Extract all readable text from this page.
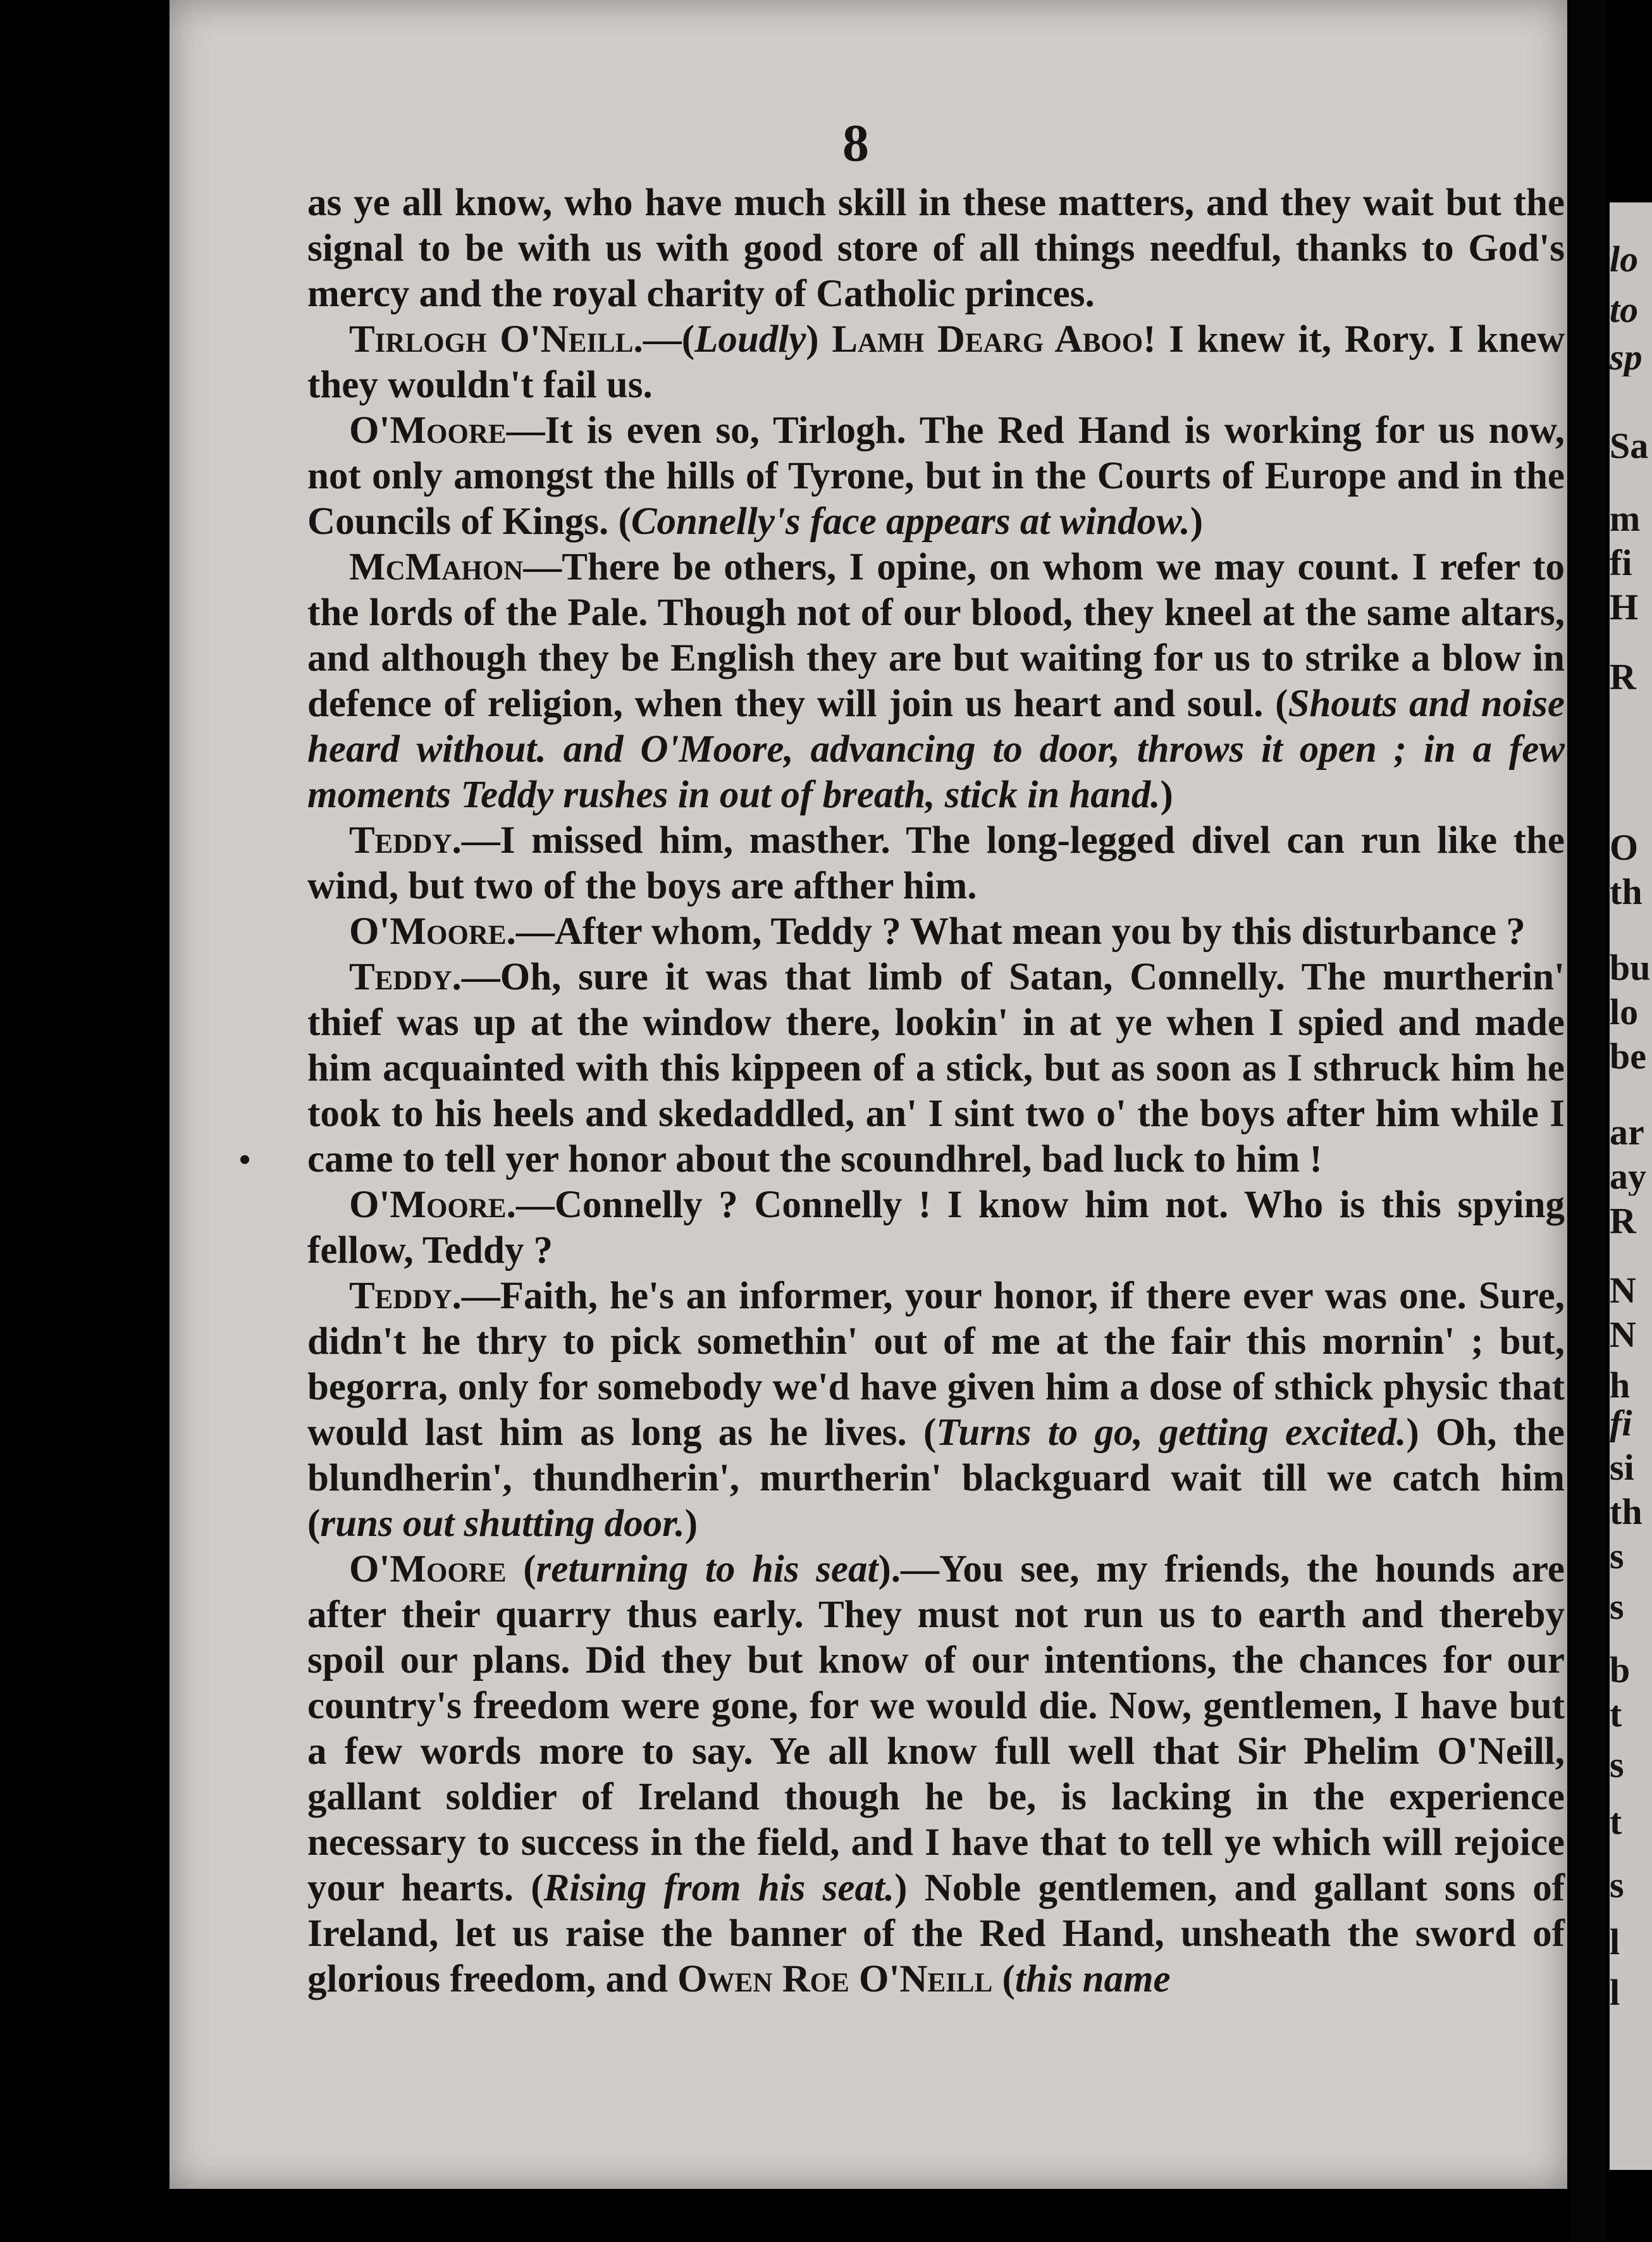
8

as ye all know, who have much skill in these matters, and they wait but the signal to be with us with good store of all things needful, thanks to God's mercy and the royal charity of Catholic princes.

Tirlogh O'Neill.—(Loudly) Lamh Dearg Aboo! I knew it, Rory. I knew they wouldn't fail us.

O'Moore—It is even so, Tirlogh. The Red Hand is working for us now, not only amongst the hills of Tyrone, but in the Courts of Europe and in the Councils of Kings. (Connelly's face appears at window.)

McMahon—There be others, I opine, on whom we may count. I refer to the lords of the Pale. Though not of our blood, they kneel at the same altars, and although they be English they are but waiting for us to strike a blow in defence of religion, when they will join us heart and soul. (Shouts and noise heard without. and O'Moore, advancing to door, throws it open ; in a few moments Teddy rushes in out of breath, stick in hand.)

Teddy.—I missed him, masther. The long-legged divel can run like the wind, but two of the boys are afther him.

O'Moore.—After whom, Teddy ? What mean you by this disturbance ?

Teddy.—Oh, sure it was that limb of Satan, Connelly. The murtherin' thief was up at the window there, lookin' in at ye when I spied and made him acquainted with this kippeen of a stick, but as soon as I sthruck him he took to his heels and skedaddled, an' I sint two o' the boys after him while I came to tell yer honor about the scoundhrel, bad luck to him !

O'Moore.—Connelly ? Connelly ! I know him not. Who is this spying fellow, Teddy ?

Teddy.—Faith, he's an informer, your honor, if there ever was one. Sure, didn't he thry to pick somethin' out of me at the fair this mornin' ; but, begorra, only for somebody we'd have given him a dose of sthick physic that would last him as long as he lives. (Turns to go, getting excited.) Oh, the blundherin', thundherin', murtherin' blackguard wait till we catch him (runs out shutting door.)

O'Moore (returning to his seat).—You see, my friends, the hounds are after their quarry thus early. They must not run us to earth and thereby spoil our plans. Did they but know of our intentions, the chances for our country's freedom were gone, for we would die. Now, gentlemen, I have but a few words more to say. Ye all know full well that Sir Phelim O'Neill, gallant soldier of Ireland though he be, is lacking in the experience necessary to success in the field, and I have that to tell ye which will rejoice your hearts. (Rising from his seat.) Noble gentlemen, and gallant sons of Ireland, let us raise the banner of the Red Hand, unsheath the sword of glorious freedom, and Owen Roe O'Neill (this name

lo
to
sp
Sa
m
fi
H
R
O
th
bu
lo
be
ar
ay
R
N
N
h
fi
si
th
s
s
b
t
s
t
s
l
l
